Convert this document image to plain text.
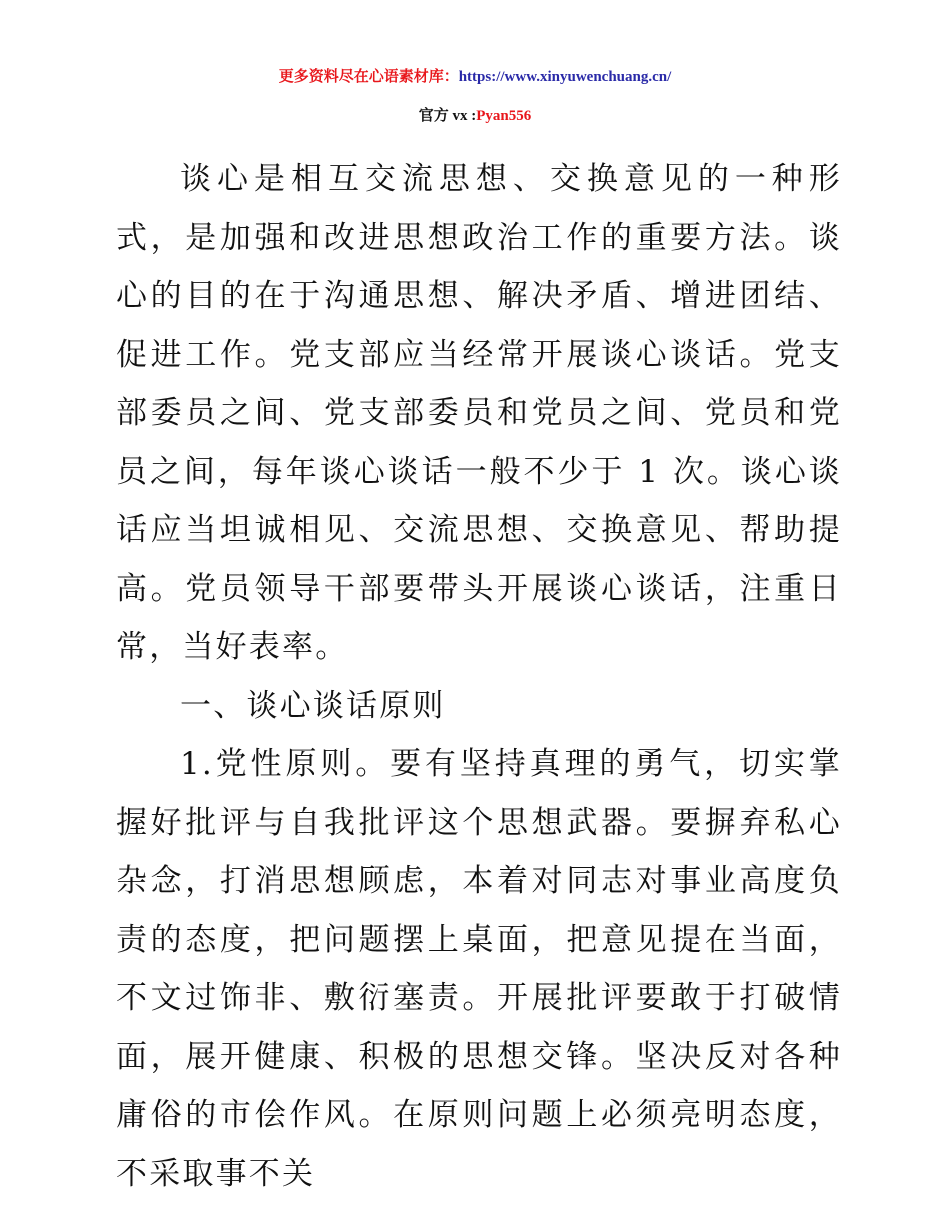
更多资料尽在心语素材库：https://www.xinyuwenchuang.cn/
官方 vx :Pyan556

谈心是相互交流思想、交换意见的一种形式，是加强和改进思想政治工作的重要方法。谈心的目的在于沟通思想、解决矛盾、增进团结、促进工作。党支部应当经常开展谈心谈话。党支部委员之间、党支部委员和党员之间、党员和党员之间，每年谈心谈话一般不少于 1 次。谈心谈话应当坦诚相见、交流思想、交换意见、帮助提高。党员领导干部要带头开展谈心谈话，注重日常，当好表率。

一、谈心谈话原则

1.党性原则。要有坚持真理的勇气，切实掌握好批评与自我批评这个思想武器。要摒弃私心杂念，打消思想顾虑，本着对同志对事业高度负责的态度，把问题摆上桌面，把意见提在当面，不文过饰非、敷衍塞责。开展批评要敢于打破情面，展开健康、积极的思想交锋。坚决反对各种庸俗的市侩作风。在原则问题上必须亮明态度，不采取事不关
